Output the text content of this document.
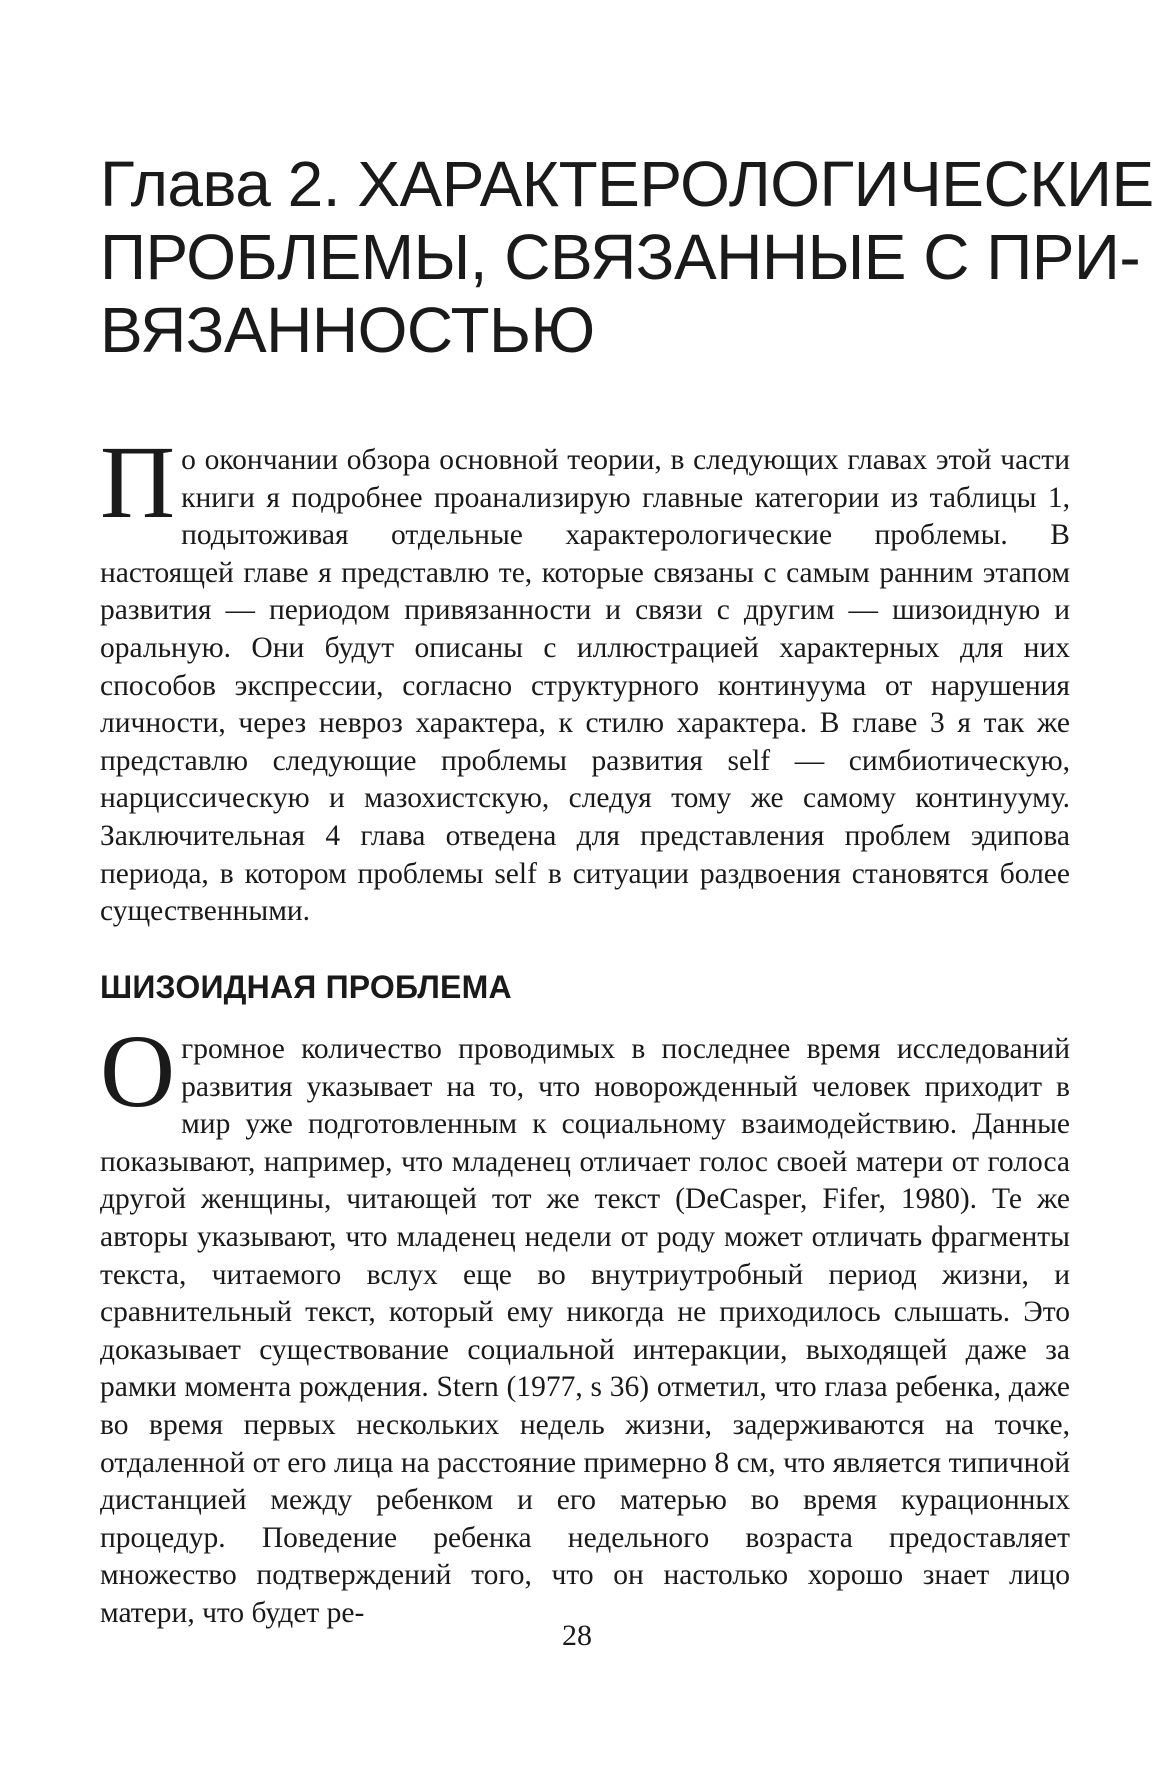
Глава 2. ХАРАКТЕРОЛОГИЧЕСКИЕ
ПРОБЛЕМЫ, СВЯЗАННЫЕ С ПРИ-
ВЯЗАННОСТЬЮ

По окончании обзора основной теории, в следующих главах этой части книги я подробнее проанализирую главные категории из таблицы 1, подытоживая отдельные характерологические проблемы. В настоящей главе я представлю те, которые связаны с самым ранним этапом развития — периодом привязанности и связи с другим — шизоидную и оральную. Они будут описаны с иллюстрацией характерных для них способов экспрессии, согласно структурного континуума от нарушения личности, через невроз характера, к стилю характера. В главе 3 я так же представлю следующие проблемы развития self — симбиотическую, нарциссическую и мазохистскую, следуя тому же самому континууму. Заключительная 4 глава отведена для представления проблем эдипова периода, в котором проблемы self в ситуации раздвоения становятся более существенными.

ШИЗОИДНАЯ ПРОБЛЕМА

Огромное количество проводимых в последнее время исследований развития указывает на то, что новорожденный человек приходит в мир уже подготовленным к социальному взаимодействию. Данные показывают, например, что младенец отличает голос своей матери от голоса другой женщины, читающей тот же текст (DeCasper, Fifer, 1980). Те же авторы указывают, что младенец недели от роду может отличать фрагменты текста, читаемого вслух еще во внутриутробный период жизни, и сравнительный текст, который ему никогда не приходилось слышать. Это доказывает существование социальной интеракции, выходящей даже за рамки момента рождения. Stern (1977, s 36) отметил, что глаза ребенка, даже во время первых нескольких недель жизни, задерживаются на точке, отдаленной от его лица на расстояние примерно 8 см, что является типичной дистанцией между ребенком и его матерью во время курационных процедур. Поведение ребенка недельного возраста предоставляет множество подтверждений того, что он настолько хорошо знает лицо матери, что будет ре-

28
